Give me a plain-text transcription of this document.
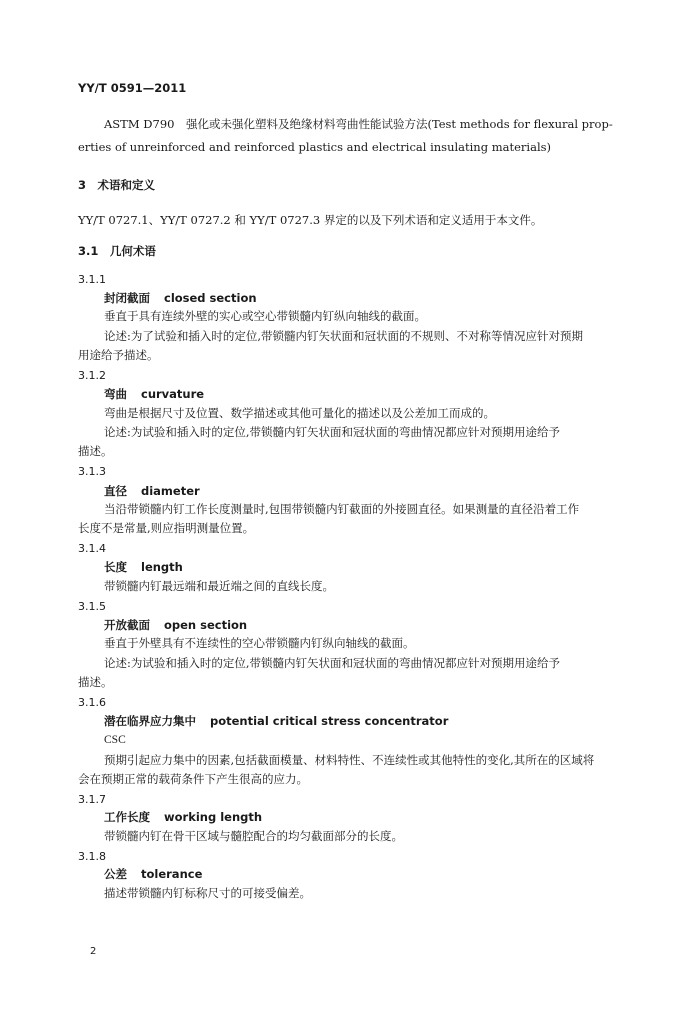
YY/T 0591—2011
ASTM D790　强化或未强化塑料及绝缘材料弯曲性能试验方法(Test methods for flexural prop-
erties of unreinforced and reinforced plastics and electrical insulating materials)
3　术语和定义
YY/T 0727.1、YY/T 0727.2 和 YY/T 0727.3 界定的以及下列术语和定义适用于本文件。
3.1　几何术语
3.1.1
封闭截面 closed section
垂直于具有连续外壁的实心或空心带锁髓内钉纵向轴线的截面。
论述:为了试验和插入时的定位,带锁髓内钉矢状面和冠状面的不规则、不对称等情况应针对预期
用途给予描述。
3.1.2
弯曲 curvature
弯曲是根据尺寸及位置、数学描述或其他可量化的描述以及公差加工而成的。
论述:为试验和插入时的定位,带锁髓内钉矢状面和冠状面的弯曲情况都应针对预期用途给予
描述。
3.1.3
直径 diameter
当沿带锁髓内钉工作长度测量时,包围带锁髓内钉截面的外接圆直径。如果测量的直径沿着工作
长度不是常量,则应指明测量位置。
3.1.4
长度 length
带锁髓内钉最远端和最近端之间的直线长度。
3.1.5
开放截面 open section
垂直于外壁具有不连续性的空心带锁髓内钉纵向轴线的截面。
论述:为试验和插入时的定位,带锁髓内钉矢状面和冠状面的弯曲情况都应针对预期用途给予
描述。
3.1.6
潜在临界应力集中 potential critical stress concentrator
CSC
预期引起应力集中的因素,包括截面模量、材料特性、不连续性或其他特性的变化,其所在的区域将
会在预期正常的载荷条件下产生很高的应力。
3.1.7
工作长度 working length
带锁髓内钉在骨干区域与髓腔配合的均匀截面部分的长度。
3.1.8
公差 tolerance
描述带锁髓内钉标称尺寸的可接受偏差。
2
